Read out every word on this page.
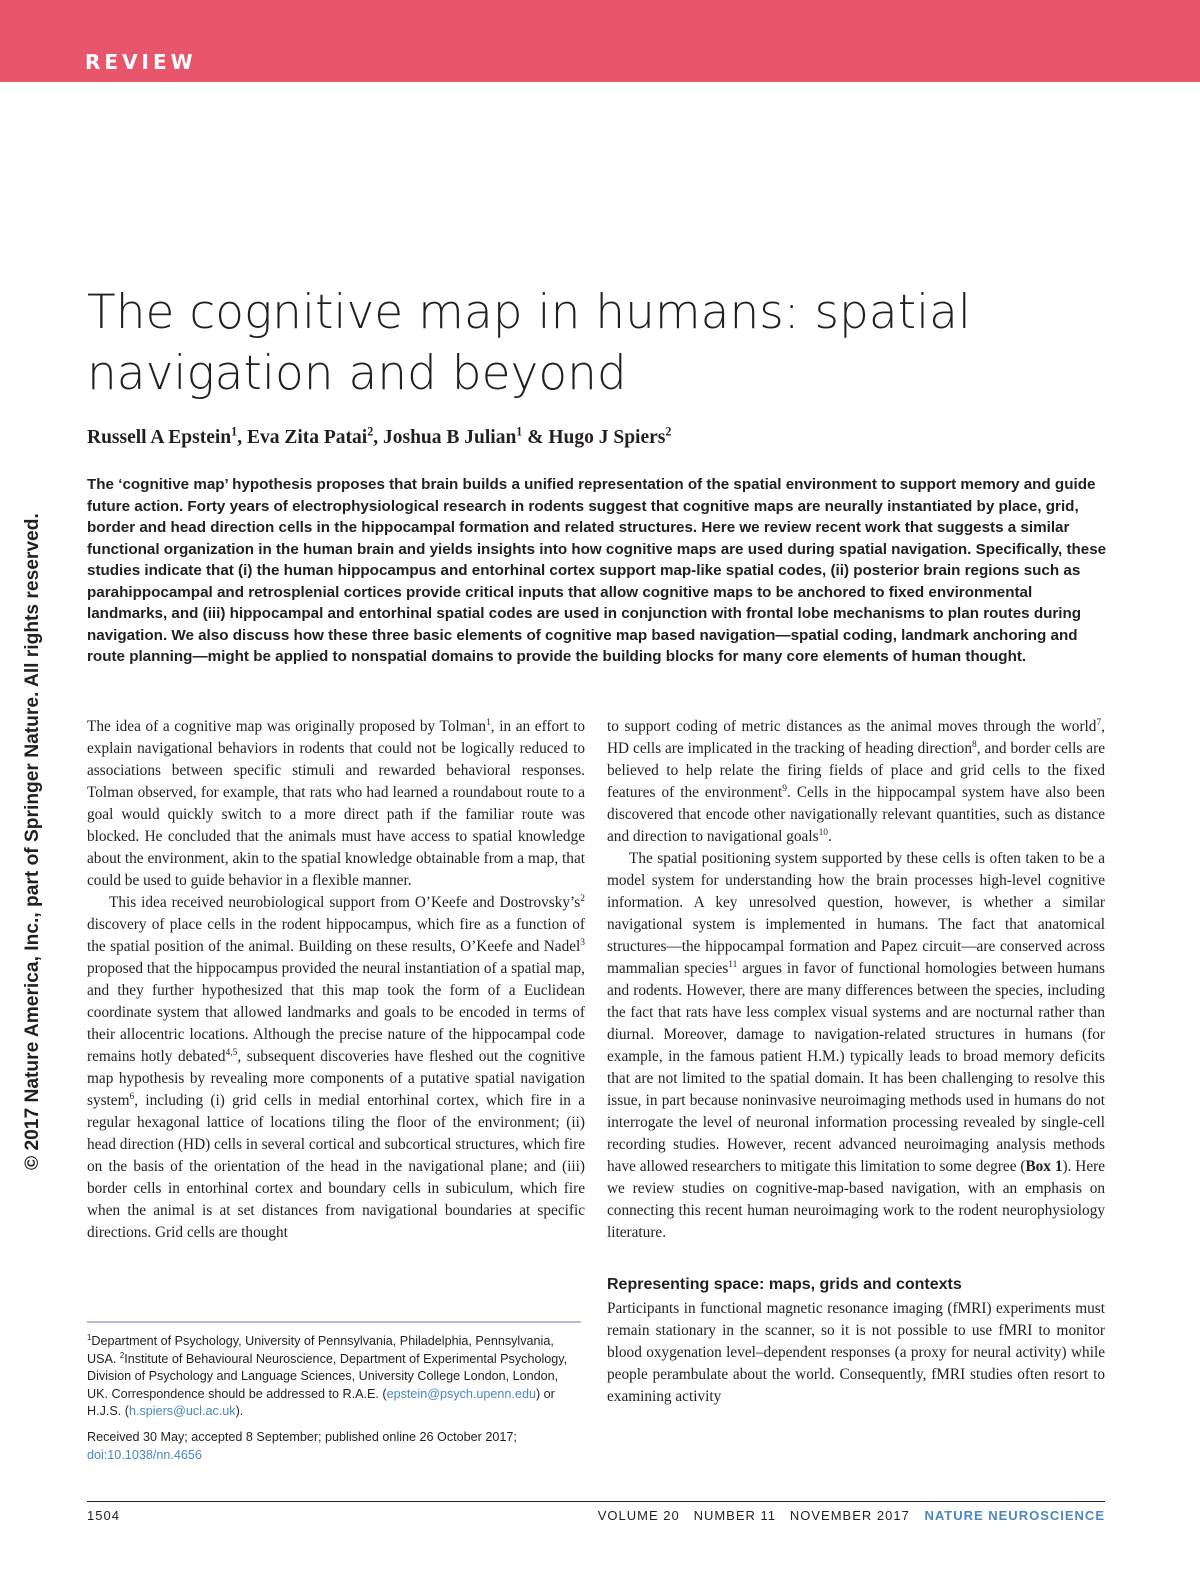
REVIEW
© 2017 Nature America, Inc., part of Springer Nature. All rights reserved.
The cognitive map in humans: spatial
navigation and beyond
Russell A Epstein$^1$, Eva Zita Patai$^2$, Joshua B Julian$^1$ & Hugo J Spiers$^2$

The ‘cognitive map’ hypothesis proposes that brain builds a unified representation of the spatial environment to support memory and guide future action. Forty years of electrophysiological research in rodents suggest that cognitive maps are neurally instantiated by place, grid, border and head direction cells in the hippocampal formation and related structures. Here we review recent work that suggests a similar functional organization in the human brain and yields insights into how cognitive maps are used during spatial navigation. Specifically, these studies indicate that (i) the human hippocampus and entorhinal cortex support map-like spatial codes, (ii) posterior brain regions such as parahippocampal and retrosplenial cortices provide critical inputs that allow cognitive maps to be anchored to fixed environmental landmarks, and (iii) hippocampal and entorhinal spatial codes are used in conjunction with frontal lobe mechanisms to plan routes during navigation. We also discuss how these three basic elements of cognitive map based navigation—spatial coding, landmark anchoring and route planning—might be applied to nonspatial domains to provide the building blocks for many core elements of human thought.

The idea of a cognitive map was originally proposed by Tolman$^1$, in an effort to explain navigational behaviors in rodents that could not be logically reduced to associations between specific stimuli and rewarded behavioral responses. Tolman observed, for example, that rats who had learned a roundabout route to a goal would quickly switch to a more direct path if the familiar route was blocked. He concluded that the animals must have access to spatial knowledge about the environment, akin to the spatial knowledge obtainable from a map, that could be used to guide behavior in a flexible manner.

This idea received neurobiological support from O’Keefe and $Dostrovsky’s^2$ discovery of place cells in the rodent hippocampus, which fire as a function of the spatial position of the animal. Building on these results, O’Keefe and Nadel$^3$ proposed that the hippocampus provided the neural instantiation of a spatial map, and they further hypothesized that this map took the form of a Euclidean coordinate system that allowed landmarks and goals to be encoded in terms of their allocentric locations. Although the precise nature of the hippocampal code remains hotly debated$^{4,5}$, subsequent discoveries have fleshed out the cognitive map hypothesis by revealing more components of a putative spatial navigation system$^6$, including (i) grid cells in medial entorhinal cortex, which fire in a regular hexagonal lattice of locations tiling the floor of the environment; (ii) head direction (HD) cells in several cortical and subcortical structures, which fire on the basis of the orientation of the head in the navigational plane; and (iii) border cells in entorhinal cortex and boundary cells in subiculum, which fire when the animal is at set distances from navigational boundaries at specific directions. Grid cells are thought

to support coding of metric distances as the animal moves through the world$^7$, HD cells are implicated in the tracking of heading direction$^8$, and border cells are believed to help relate the firing fields of place and grid cells to the fixed features of the environment$^9$. Cells in the hippocampal system have also been discovered that encode other navigationally relevant quantities, such as distance and direction to navigational goals$^{10}$.

The spatial positioning system supported by these cells is often taken to be a model system for understanding how the brain processes high-level cognitive information. A key unresolved question, however, is whether a similar navigational system is implemented in humans. The fact that anatomical structures—the hippocampal formation and Papez circuit—are conserved across mammalian species$^{11}$ argues in favor of functional homologies between humans and rodents. However, there are many differences between the species, including the fact that rats have less complex visual systems and are nocturnal rather than diurnal. Moreover, damage to navigation-related structures in humans (for example, in the famous patient H.M.) typically leads to broad memory deficits that are not limited to the spatial domain. It has been challenging to resolve this issue, in part because noninvasive neuroimaging methods used in humans do not interrogate the level of neuronal information processing revealed by single-cell recording studies. However, recent advanced neuroimaging analysis methods have allowed researchers to mitigate this limitation to some degree (Box 1). Here we review studies on cognitive-map-based navigation, with an emphasis on connecting this recent human neuroimaging work to the rodent neurophysiology literature.

Representing space: maps, grids and contexts

Participants in functional magnetic resonance imaging (fMRI) experiments must remain stationary in the scanner, so it is not possible to use fMRI to monitor blood oxygenation level–dependent responses (a proxy for neural activity) while people perambulate about the world. Consequently, fMRI studies often resort to examining activity

$^1$Department of Psychology, University of Pennsylvania, Philadelphia, Pennsylvania, USA. $^2$Institute of Behavioural Neuroscience, Department of Experimental Psychology, Division of Psychology and Language Sciences, University College London, London, UK. Correspondence should be addressed to R.A.E. (epstein@psych.upenn.edu) or H.J.S. (h.spiers@ucl.ac.uk).

Received 30 May; accepted 8 September; published online 26 October 2017; doi:10.1038/nn.4656

1504	VOLUME 20 NUMBER 11 NOVEMBER 2017 NATURE NEUROSCIENCE
